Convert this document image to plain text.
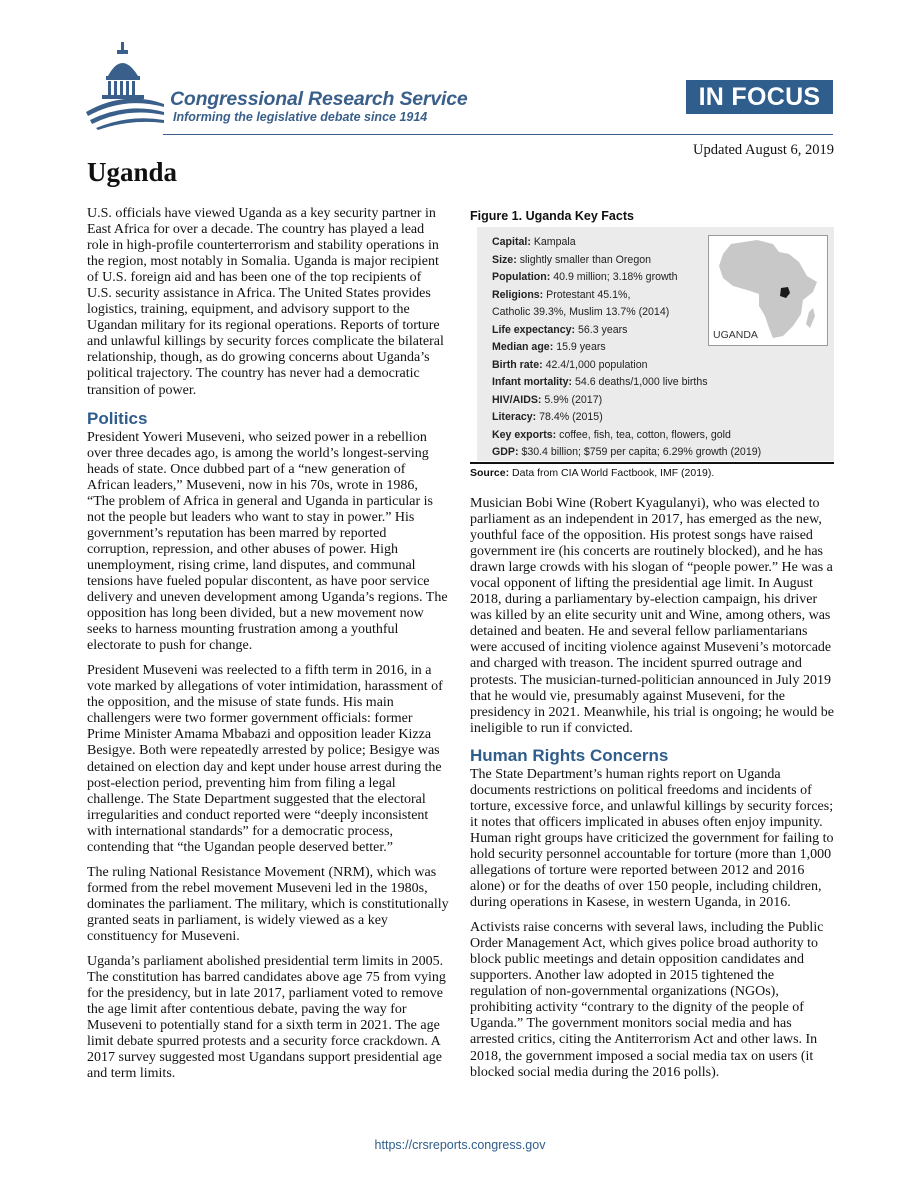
Congressional Research Service
Informing the legislative debate since 1914
IN FOCUS
Updated August 6, 2019
Uganda

U.S. officials have viewed Uganda as a key security partner in East Africa for over a decade. The country has played a lead role in high-profile counterterrorism and stability operations in the region, most notably in Somalia. Uganda is major recipient of U.S. foreign aid and has been one of the top recipients of U.S. security assistance in Africa. The United States provides logistics, training, equipment, and advisory support to the Ugandan military for its regional operations. Reports of torture and unlawful killings by security forces complicate the bilateral relationship, though, as do growing concerns about Uganda’s political trajectory. The country has never had a democratic transition of power.

Politics

President Yoweri Museveni, who seized power in a rebellion over three decades ago, is among the world’s longest-serving heads of state. Once dubbed part of a “new generation of African leaders,” Museveni, now in his 70s, wrote in 1986, “The problem of Africa in general and Uganda in particular is not the people but leaders who want to stay in power.” His government’s reputation has been marred by reported corruption, repression, and other abuses of power. High unemployment, rising crime, land disputes, and communal tensions have fueled popular discontent, as have poor service delivery and uneven development among Uganda’s regions. The opposition has long been divided, but a new movement now seeks to harness mounting frustration among a youthful electorate to push for change.

President Museveni was reelected to a fifth term in 2016, in a vote marked by allegations of voter intimidation, harassment of the opposition, and the misuse of state funds. His main challengers were two former government officials: former Prime Minister Amama Mbabazi and opposition leader Kizza Besigye. Both were repeatedly arrested by police; Besigye was detained on election day and kept under house arrest during the post-election period, preventing him from filing a legal challenge. The State Department suggested that the electoral irregularities and conduct reported were “deeply inconsistent with international standards” for a democratic process, contending that “the Ugandan people deserved better.”

The ruling National Resistance Movement (NRM), which was formed from the rebel movement Museveni led in the 1980s, dominates the parliament. The military, which is constitutionally granted seats in parliament, is widely viewed as a key constituency for Museveni.

Uganda’s parliament abolished presidential term limits in 2005. The constitution has barred candidates above age 75 from vying for the presidency, but in late 2017, parliament voted to remove the age limit after contentious debate, paving the way for Museveni to potentially stand for a sixth term in 2021. The age limit debate spurred protests and a security force crackdown. A 2017 survey suggested most Ugandans support presidential age and term limits.

Figure 1. Uganda Key Facts
Capital: Kampala
Size: slightly smaller than Oregon
Population: 40.9 million; 3.18% growth
Religions: Protestant 45.1%,
Catholic 39.3%, Muslim 13.7% (2014)
Life expectancy: 56.3 years
Median age: 15.9 years
Birth rate: 42.4/1,000 population
Infant mortality: 54.6 deaths/1,000 live births
HIV/AIDS: 5.9% (2017)
Literacy: 78.4% (2015)
Key exports: coffee, fish, tea, cotton, flowers, gold
GDP: $30.4 billion; $759 per capita; 6.29% growth (2019)
UGANDA
Source: Data from CIA World Factbook, IMF (2019).

Musician Bobi Wine (Robert Kyagulanyi), who was elected to parliament as an independent in 2017, has emerged as the new, youthful face of the opposition. His protest songs have raised government ire (his concerts are routinely blocked), and he has drawn large crowds with his slogan of “people power.” He was a vocal opponent of lifting the presidential age limit. In August 2018, during a parliamentary by-election campaign, his driver was killed by an elite security unit and Wine, among others, was detained and beaten. He and several fellow parliamentarians were accused of inciting violence against Museveni’s motorcade and charged with treason. The incident spurred outrage and protests. The musician-turned-politician announced in July 2019 that he would vie, presumably against Museveni, for the presidency in 2021. Meanwhile, his trial is ongoing; he would be ineligible to run if convicted.

Human Rights Concerns

The State Department’s human rights report on Uganda documents restrictions on political freedoms and incidents of torture, excessive force, and unlawful killings by security forces; it notes that officers implicated in abuses often enjoy impunity. Human right groups have criticized the government for failing to hold security personnel accountable for torture (more than 1,000 allegations of torture were reported between 2012 and 2016 alone) or for the deaths of over 150 people, including children, during operations in Kasese, in western Uganda, in 2016.

Activists raise concerns with several laws, including the Public Order Management Act, which gives police broad authority to block public meetings and detain opposition candidates and supporters. Another law adopted in 2015 tightened the regulation of non-governmental organizations (NGOs), prohibiting activity “contrary to the dignity of the people of Uganda.” The government monitors social media and has arrested critics, citing the Antiterrorism Act and other laws. In 2018, the government imposed a social media tax on users (it blocked social media during the 2016 polls).

https://crsreports.congress.gov
